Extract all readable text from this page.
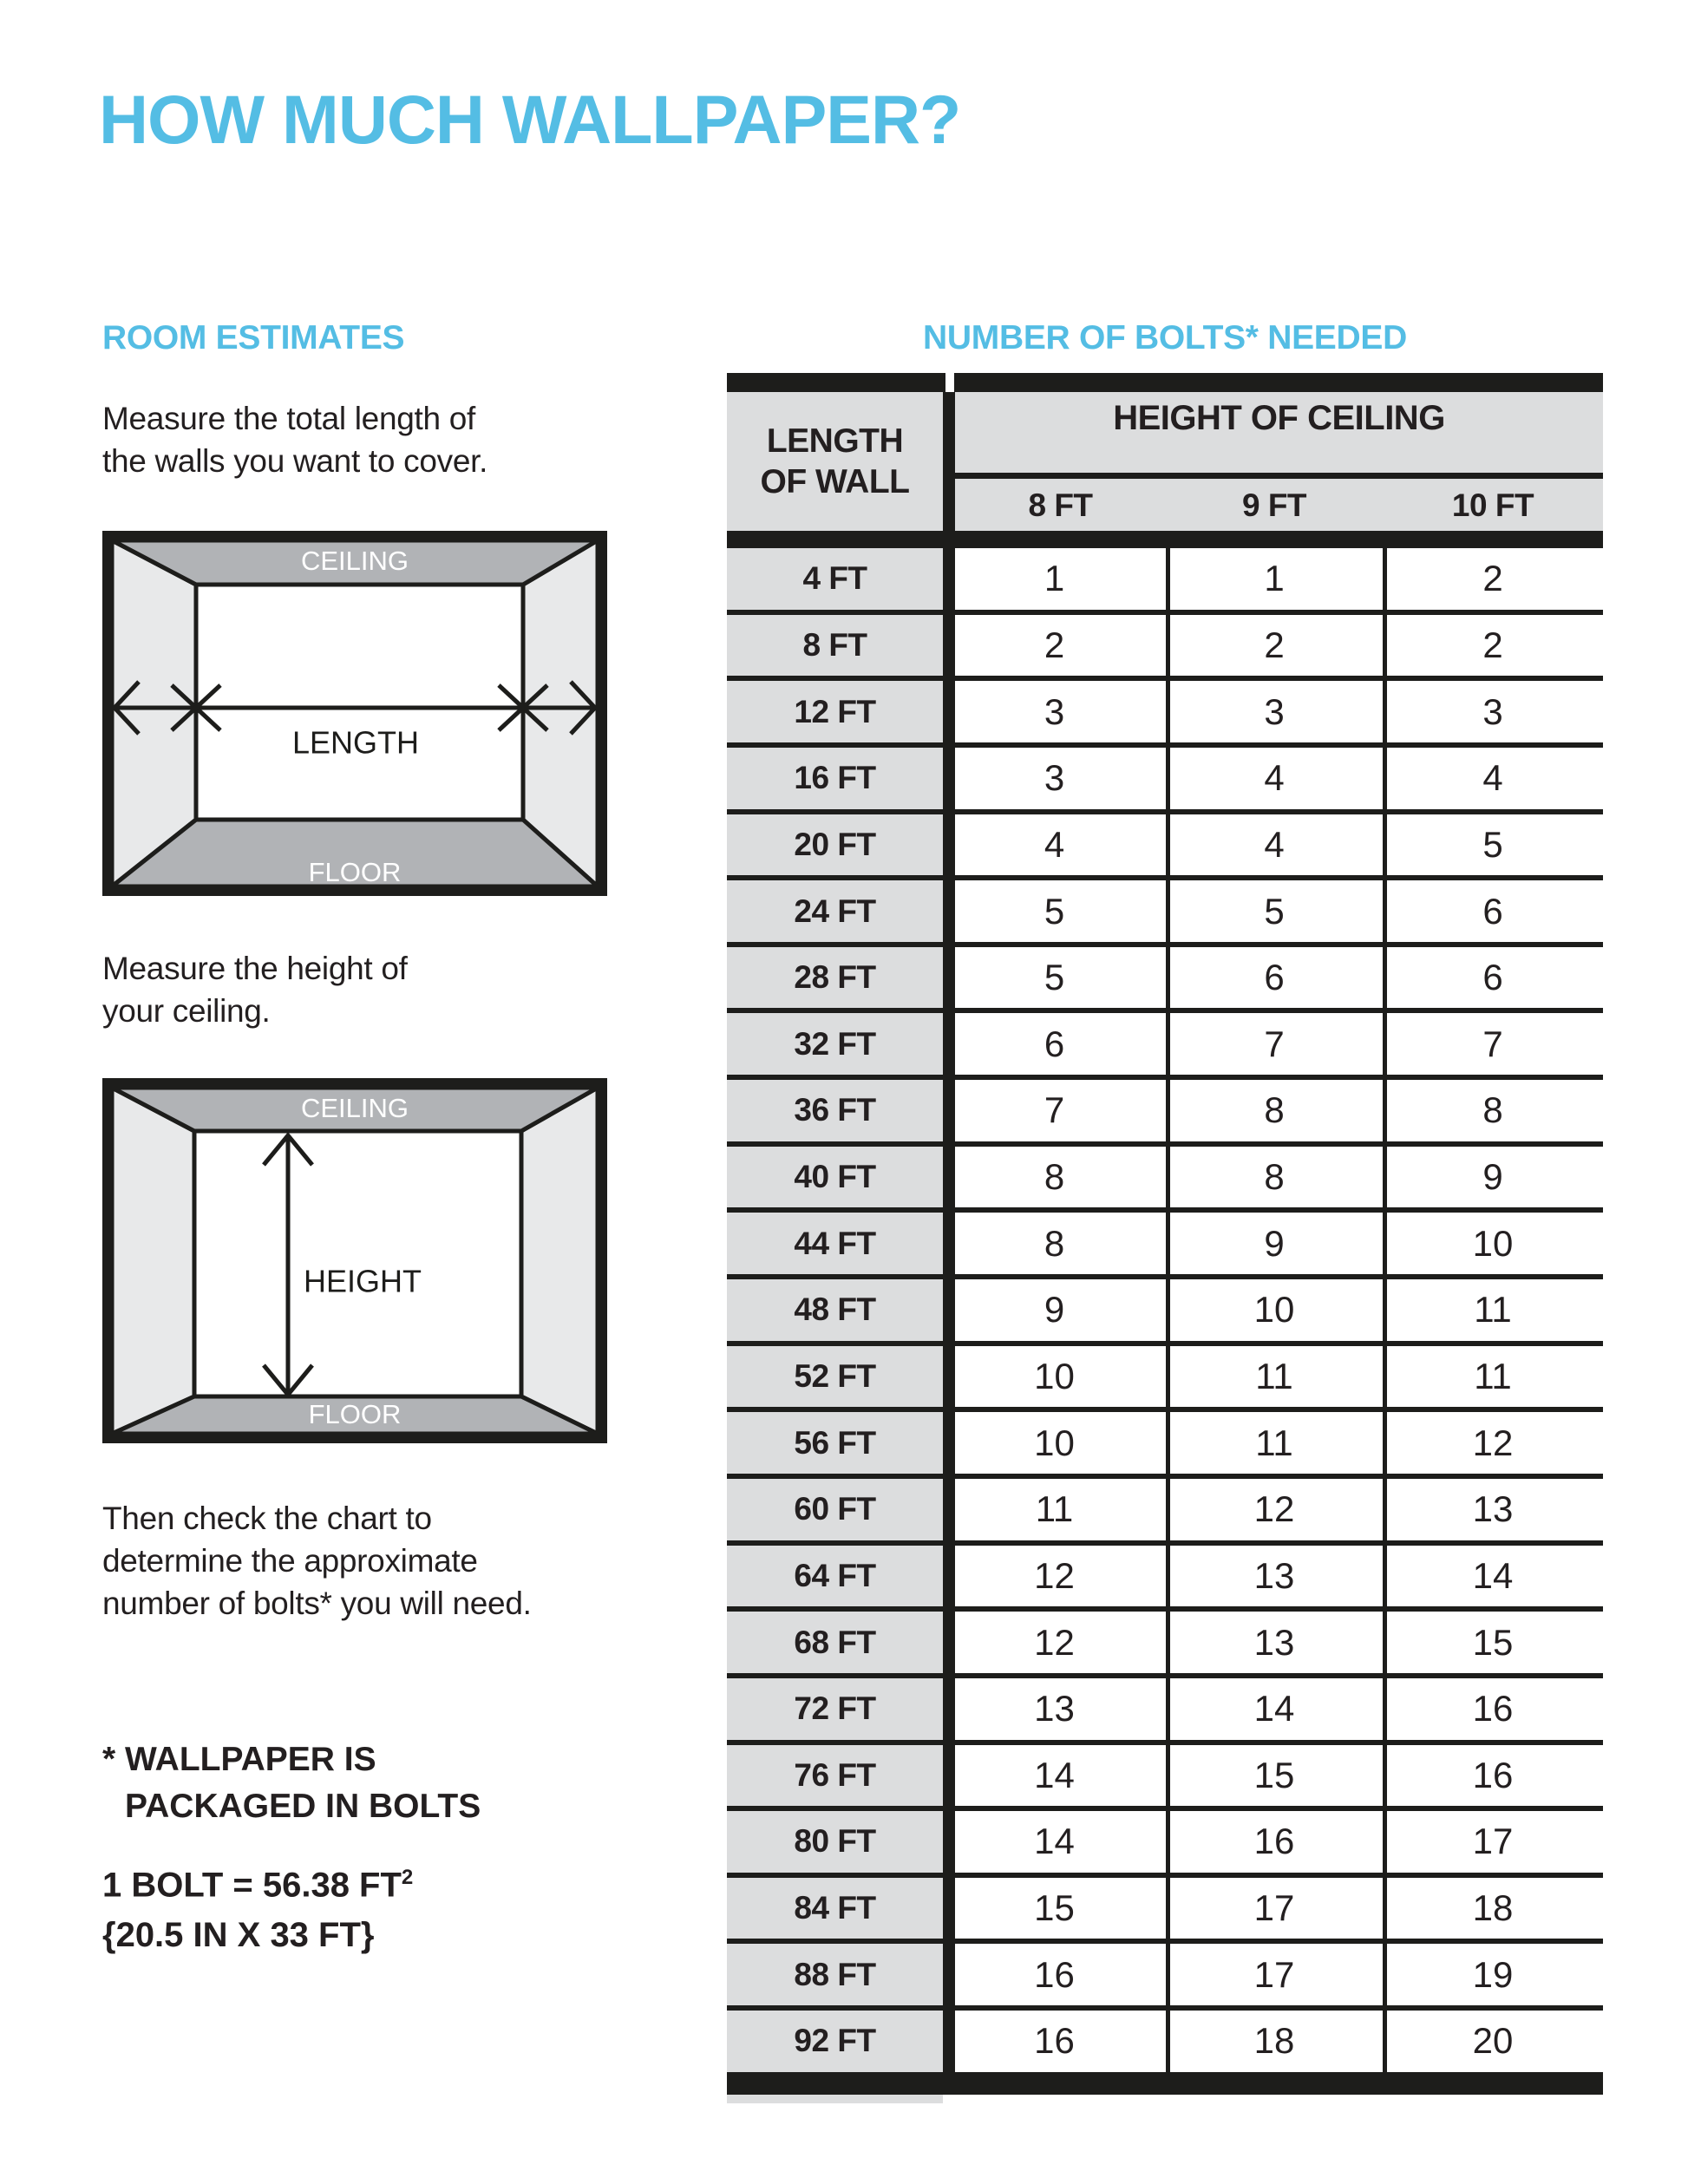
HOW MUCH WALLPAPER?
ROOM ESTIMATES	NUMBER OF BOLTS* NEEDED
Measure the total length of
the walls you want to cover.
CEILING
FLOOR
LENGTH
Measure the height of
your ceiling.
CEILING
FLOOR
HEIGHT
Then check the chart to
determine the approximate
number of bolts* you will need.
* WALLPAPER IS
PACKAGED IN BOLTS
1 BOLT = 56.38 $FT^2$
{20.5 IN X 33 FT}
LENGTH
OF WALL
HEIGHT OF CEILING
8 FT	9 FT	10 FT
4 FT	1	1	2
8 FT	2	2	2
12 FT	3	3	3
16 FT	3	4	4
20 FT	4	4	5
24 FT	5	5	6
28 FT	5	6	6
32 FT	6	7	7
36 FT	7	8	8
40 FT	8	8	9
44 FT	8	9	10
48 FT	9	10	11
52 FT	10	11	11
56 FT	10	11	12
60 FT	11	12	13
64 FT	12	13	14
68 FT	12	13	15
72 FT	13	14	16
76 FT	14	15	16
80 FT	14	16	17
84 FT	15	17	18
88 FT	16	17	19
92 FT	16	18	20
